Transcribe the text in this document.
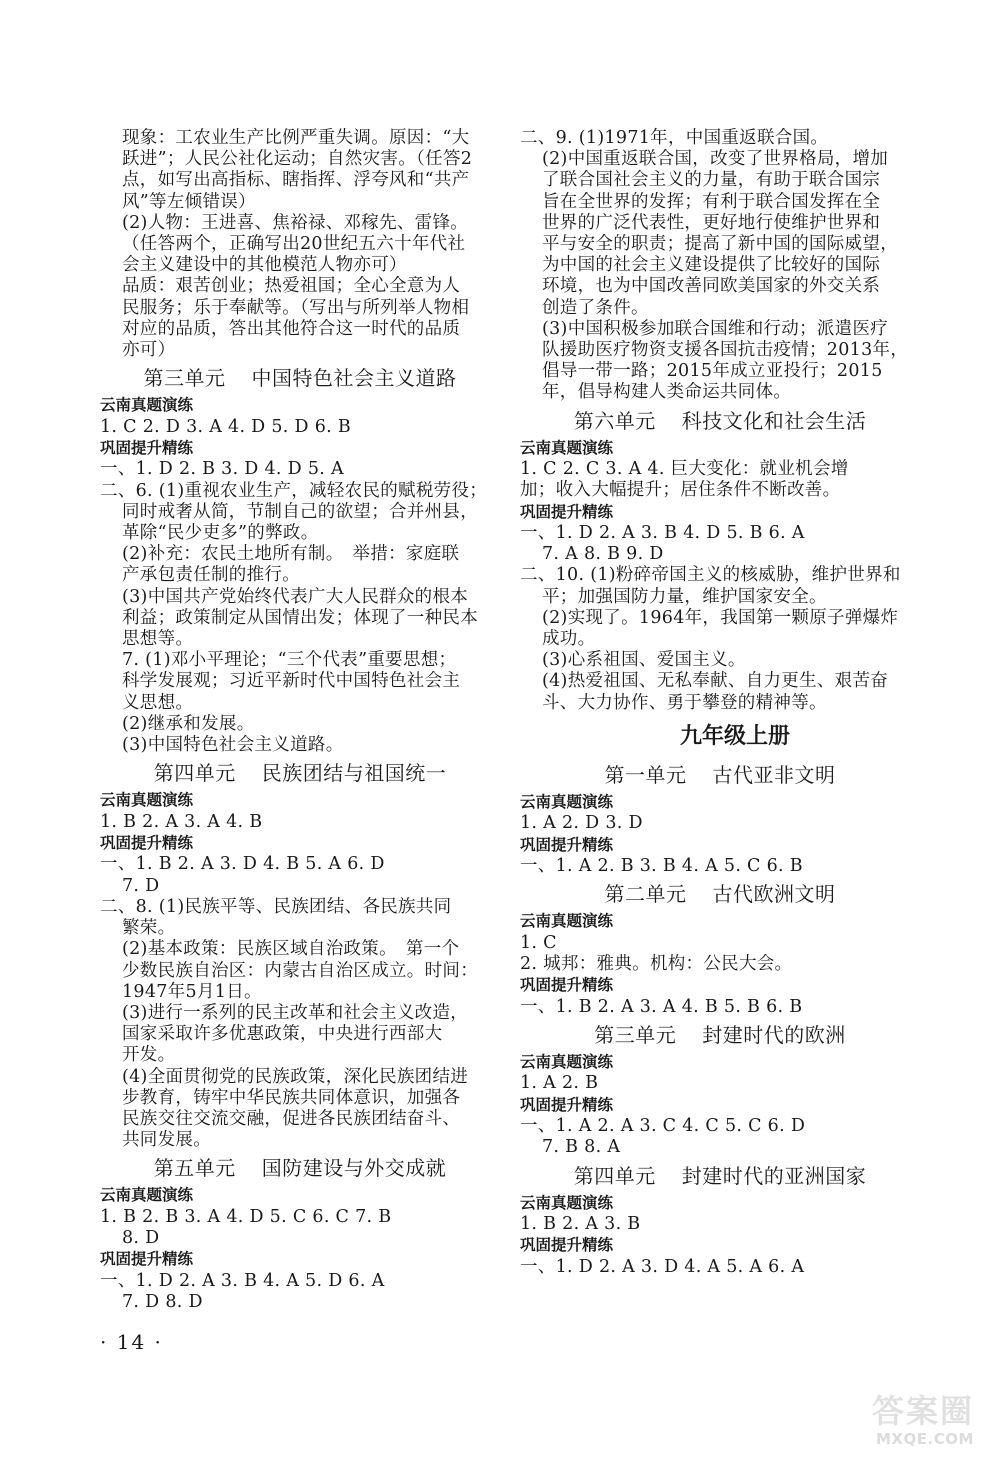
现象：工农业生产比例严重失调。原因：“大
跃进”；人民公社化运动；自然灾害。（任答2
点，如写出高指标、瞎指挥、浮夸风和“共产
风”等左倾错误）
(2)人物：王进喜、焦裕禄、邓稼先、雷锋。
（任答两个，正确写出20世纪五六十年代社
会主义建设中的其他模范人物亦可）
品质：艰苦创业；热爱祖国；全心全意为人
民服务；乐于奉献等。（写出与所列举人物相
对应的品质，答出其他符合这一时代的品质
亦可）
第三单元 中国特色社会主义道路
云南真题演练
1. C 2. D 3. A 4. D 5. D 6. B
巩固提升精练
一、1. D 2. B 3. D 4. D 5. A
二、6. (1)重视农业生产，减轻农民的赋税劳役；
同时戒奢从简，节制自己的欲望；合并州县，
革除“民少吏多”的弊政。
(2)补充：农民土地所有制。　举措：家庭联
产承包责任制的推行。
(3)中国共产党始终代表广大人民群众的根本
利益；政策制定从国情出发；体现了一种民本
思想等。
7. (1)邓小平理论；“三个代表”重要思想；
科学发展观；习近平新时代中国特色社会主
义思想。
(2)继承和发展。
(3)中国特色社会主义道路。
第四单元 民族团结与祖国统一
云南真题演练
1. B 2. A 3. A 4. B
巩固提升精练
一、1. B 2. A 3. D 4. B 5. A 6. D
7. D
二、8. (1)民族平等、民族团结、各民族共同
繁荣。
(2)基本政策：民族区域自治政策。　第一个
少数民族自治区：内蒙古自治区成立。时间：
1947年5月1日。
(3)进行一系列的民主改革和社会主义改造，
国家采取许多优惠政策，中央进行西部大
开发。
(4)全面贯彻党的民族政策，深化民族团结进
步教育，铸牢中华民族共同体意识，加强各
民族交往交流交融，促进各民族团结奋斗、
共同发展。
第五单元 国防建设与外交成就
云南真题演练
1. B 2. B 3. A 4. D 5. C 6. C 7. B
8. D
巩固提升精练
一、1. D 2. A 3. B 4. A 5. D 6. A
7. D 8. D
二、9. (1)1971年，中国重返联合国。
(2)中国重返联合国，改变了世界格局，增加
了联合国社会主义的力量，有助于联合国宗
旨在全世界的发挥；有利于联合国发挥在全
世界的广泛代表性，更好地行使维护世界和
平与安全的职责；提高了新中国的国际威望，
为中国的社会主义建设提供了比较好的国际
环境，也为中国改善同欧美国家的外交关系
创造了条件。
(3)中国积极参加联合国维和行动；派遣医疗
队援助医疗物资支援各国抗击疫情；2013年，
倡导一带一路；2015年成立亚投行；2015
年，倡导构建人类命运共同体。
第六单元 科技文化和社会生活
云南真题演练
1. C 2. C 3. A 4. 巨大变化：就业机会增
加；收入大幅提升；居住条件不断改善。
巩固提升精练
一、1. D 2. A 3. B 4. D 5. B 6. A
7. A 8. B 9. D
二、10. (1)粉碎帝国主义的核威胁，维护世界和
平；加强国防力量，维护国家安全。
(2)实现了。1964年，我国第一颗原子弹爆炸
成功。
(3)心系祖国、爱国主义。
(4)热爱祖国、无私奉献、自力更生、艰苦奋
斗、大力协作、勇于攀登的精神等。
九年级上册
第一单元 古代亚非文明
云南真题演练
1. A 2. D 3. D
巩固提升精练
一、1. A 2. B 3. B 4. A 5. C 6. B
第二单元 古代欧洲文明
云南真题演练
1. C
2. 城邦：雅典。机构：公民大会。
巩固提升精练
一、1. B 2. A 3. A 4. B 5. B 6. B
第三单元 封建时代的欧洲
云南真题演练
1. A 2. B
巩固提升精练
一、1. A 2. A 3. C 4. C 5. C 6. D
7. B 8. A
第四单元 封建时代的亚洲国家
云南真题演练
1. B 2. A 3. B
巩固提升精练
一、1. D 2. A 3. D 4. A 5. A 6. A
· 14 ·
答案圈
MXQE.COM
